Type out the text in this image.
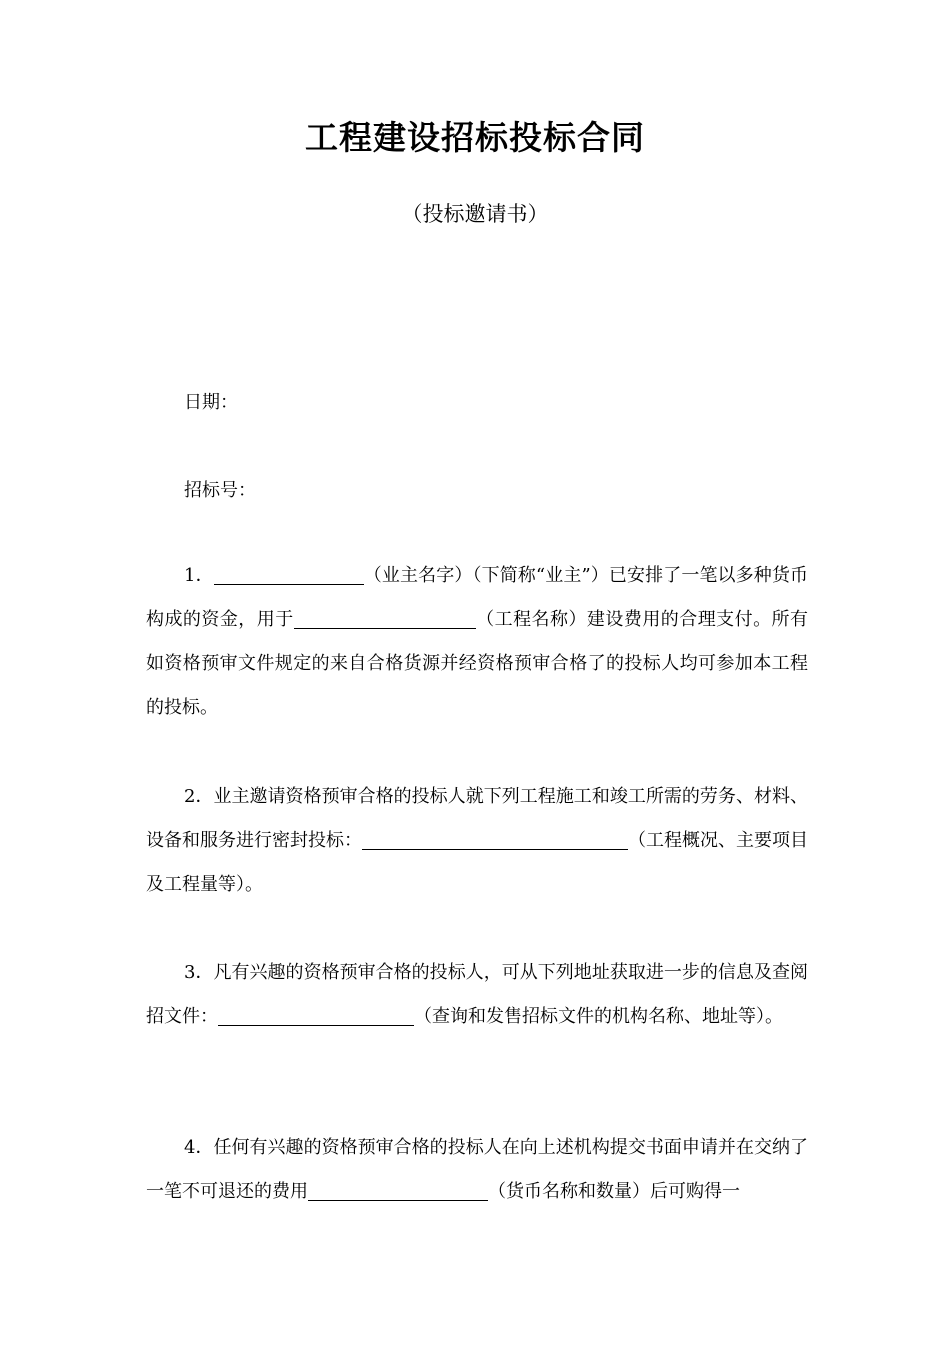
工程建设招标投标合同
（投标邀请书）
日期：
招标号：
1．	（业主名字）（下简称“业主”）已安排了一笔以多种货币构成的资金，用于	（工程名称）建设费用的合理支付。所有如资格预审文件规定的来自合格货源并经资格预审合格了的投标人均可参加本工程的投标。
2．业主邀请资格预审合格的投标人就下列工程施工和竣工所需的劳务、材料、设备和服务进行密封投标：	（工程概况、主要项目及工程量等）。
3．凡有兴趣的资格预审合格的投标人，可从下列地址获取进一步的信息及查阅招文件：	（查询和发售招标文件的机构名称、地址等）。
4．任何有兴趣的资格预审合格的投标人在向上述机构提交书面申请并在交纳了一笔不可退还的费用	（货币名称和数量）后可购得一
